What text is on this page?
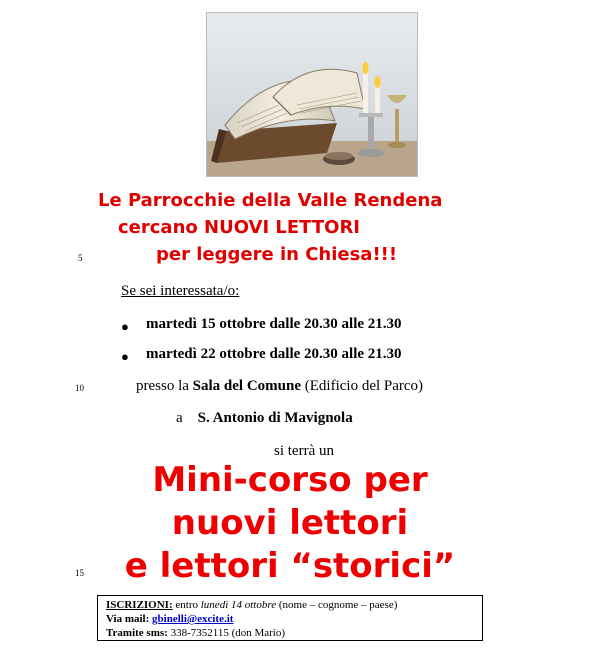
Le Parrocchie della Valle Rendena
cercano NUOVI LETTORI
per leggere in Chiesa!!!
5
10
15
Se sei interessata/o:
● martedì 15 ottobre dalle 20.30 alle 21.30
● martedì 22 ottobre dalle 20.30 alle 21.30
presso la Sala del Comune (Edificio del Parco)
a S. Antonio di Mavignola
si terrà un
Mini-corso per
nuovi lettori
e lettori “storici”
ISCRIZIONI: entro lunedì 14 ottobre (nome – cognome – paese)
Via mail: gbinelli@excite.it
Tramite sms: 338-7352115 (don Mario)
